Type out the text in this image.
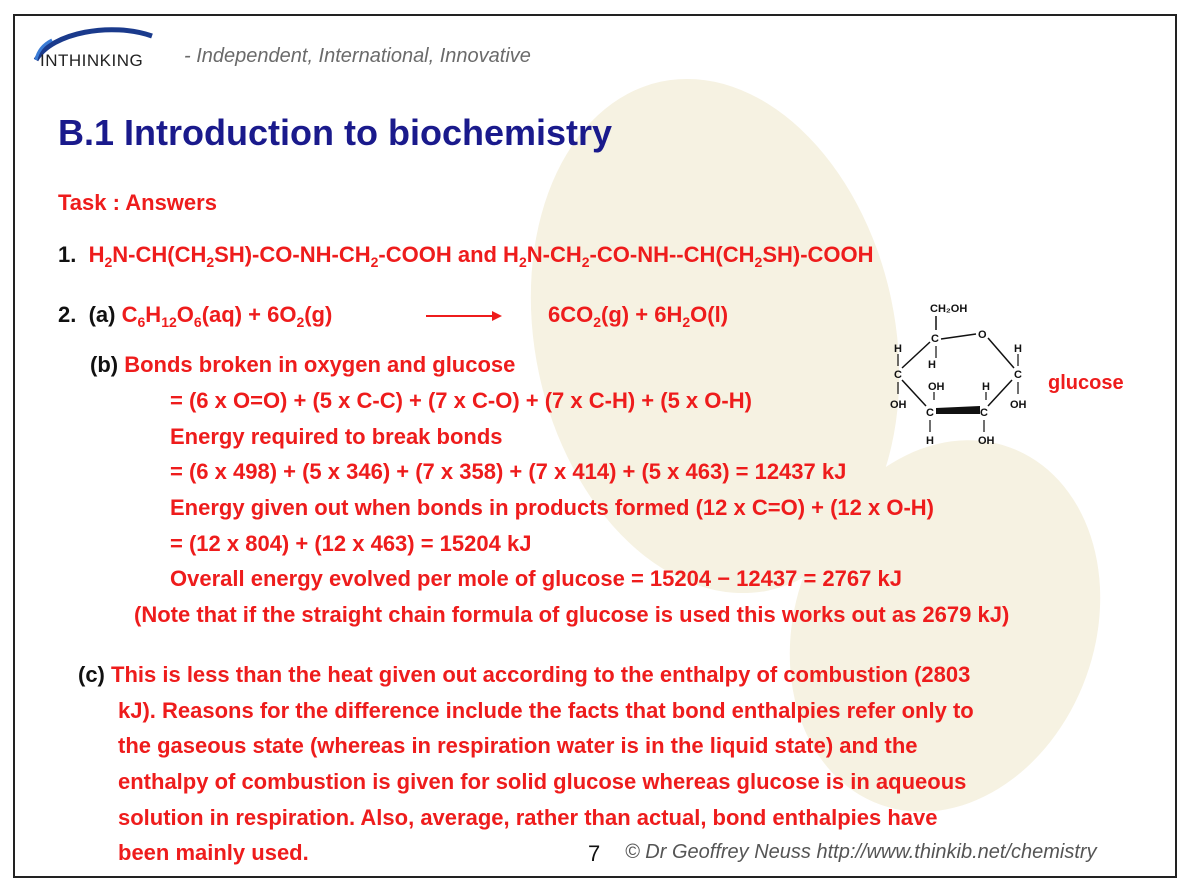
INTHINKING - Independent, International, Innovative
B.1 Introduction to biochemistry
Task : Answers
1. $H_2N-CH(CH_2SH)-CO-NH-CH_2$-COOH and $H_2N-CH_2-CO-NH--CH(CH_2SH)$-COOH
2. (a) $C_6H_{12}O_6(aq) + 6O_2(g)$	$6CO_2(g) + 6H_2O(l)$	CH₂OH
C	O
H
C
OH
H
C
OH
OH
H
H
C	C
H	OH
glucose
(b) Bonds broken in oxygen and glucose
= (6 x O=O) + (5 x C-C) + (7 x C-O) + (7 x C-H) + (5 x O-H)
Energy required to break bonds
= (6 x 498) + (5 x 346) + (7 x 358) + (7 x 414) + (5 x 463) = 12437 kJ
Energy given out when bonds in products formed (12 x C=O) + (12 x O-H)
= (12 x 804) + (12 x 463) = 15204 kJ
Overall energy evolved per mole of glucose = 15204 − 12437 = 2767 kJ
(Note that if the straight chain formula of glucose is used this works out as 2679 kJ)
(c) This is less than the heat given out according to the enthalpy of combustion (2803
kJ). Reasons for the difference include the facts that bond enthalpies refer only to
the gaseous state (whereas in respiration water is in the liquid state) and the
enthalpy of combustion is given for solid glucose whereas glucose is in aqueous
solution in respiration. Also, average, rather than actual, bond enthalpies have
been mainly used.	7 © Dr Geoffrey Neuss http://www.thinkib.net/chemistry
